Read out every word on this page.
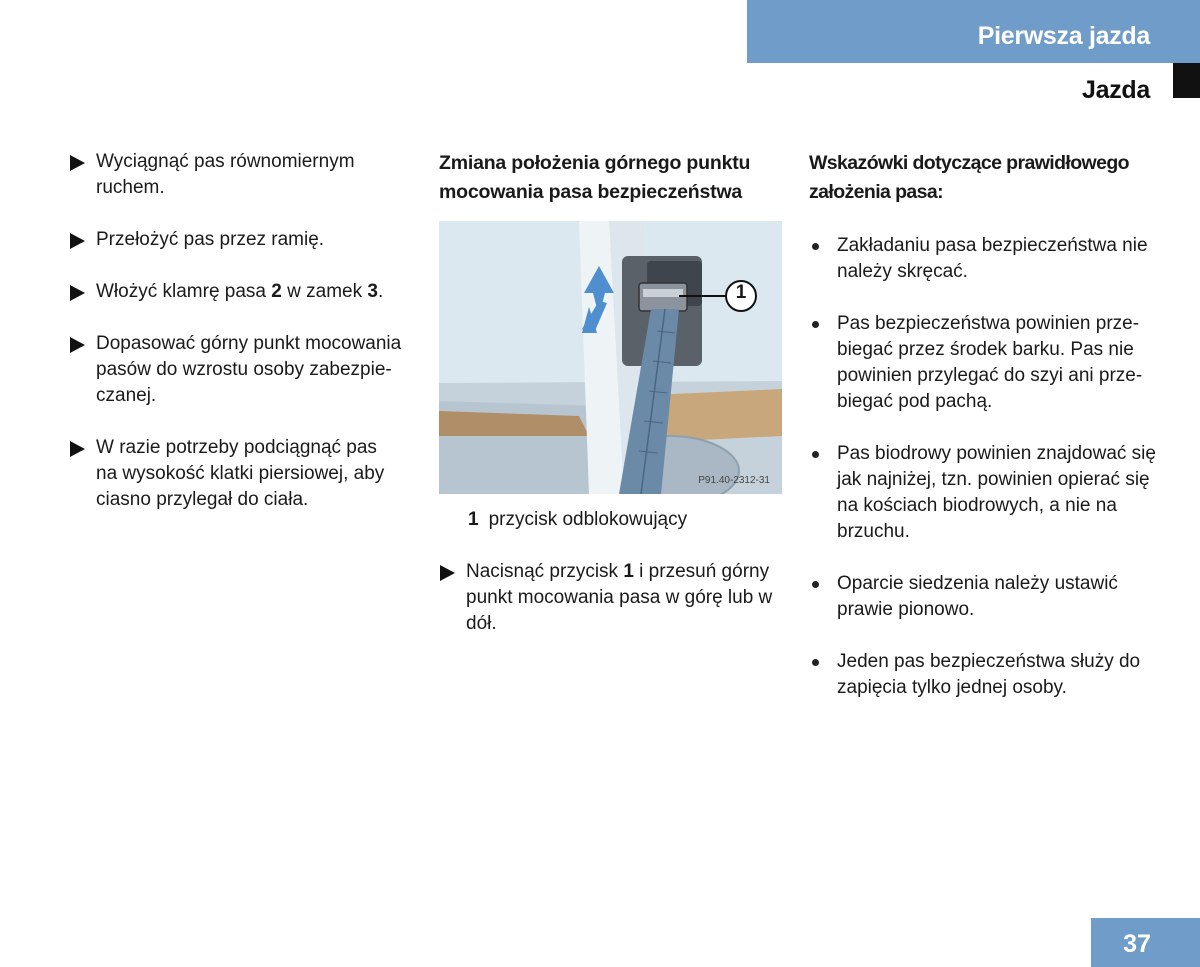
Pierwsza jazda
Jazda

Wyciągnąć pas równomiernym ruchem.

Przełożyć pas przez ramię.

Włożyć klamrę pasa 2 w zamek 3.

Dopasować górny punkt mocowania pasów do wzrostu osoby zabezpie-czanej.

W razie potrzeby podciągnąć pas na wysokość klatki piersiowej, aby ciasno przylegał do ciała.

Zmiana położenia górnego punktu mocowania pasa bezpieczeństwa

1
P91.40-2312-31
1 przycisk odblokowujący

Nacisnąć przycisk 1 i przesuń górny punkt mocowania pasa w górę lub w dół.

Wskazówki dotyczące prawidłowego założenia pasa:

Zakładaniu pasa bezpieczeństwa nie należy skręcać.

Pas bezpieczeństwa powinien prze-biegać przez środek barku. Pas nie powinien przylegać do szyi ani prze-biegać pod pachą.

Pas biodrowy powinien znajdować się jak najniżej, tzn. powinien opierać się na kościach biodrowych, a nie na brzuchu.

Oparcie siedzenia należy ustawić prawie pionowo.

Jeden pas bezpieczeństwa służy do zapięcia tylko jednej osoby.

37
